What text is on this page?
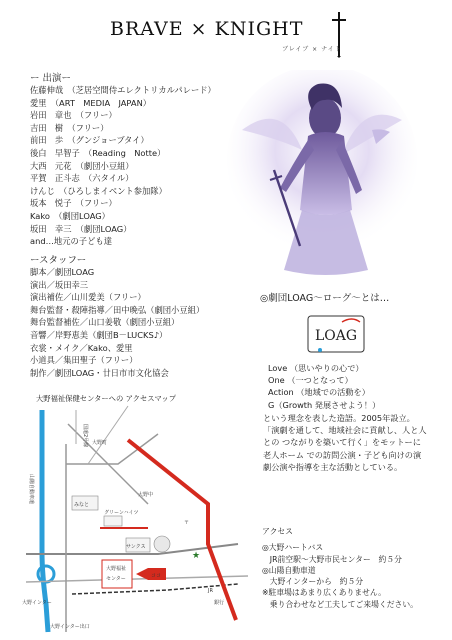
BRAVE × KNIGHT
ブレイブ × ナイト
ー 出演ー
佐藤伸哉　（芝居空間侍エレクトリカルパレード）
愛里　（ART　MEDIA　JAPAN）
岩田　章也　（フリー）
吉田　樹　（フリー）
前田　歩　（グンジョーブタイ）
後白　早智子　（Reading　Notte）
大西　元花　（劇団小豆組）
平賀　正斗志　（六タイル）
けんじ　（ひろしまイベント参加隊）
坂本　悦子　（フリー）
Kako　（劇団LOAG）
坂田　幸三　（劇団LOAG）
and…地元の子ども達
ースタッフー
脚本／劇団LOAG
演出／坂田幸三
演出補佐／山川愛美（フリー）
舞台監督・殺陣指導／田中晩弘（劇団小豆組）
舞台監督補佐／山口姜敬（劇団小豆組）
音響／岸野恵美（劇団B－LUCKS♪）
衣裳・メイク／Kako、愛里
小道具／集田聖子（フリー）
制作／劇団LOAG・廿日市市文化協会
◎劇団LOAG～ローグ～とは…
LOAG
Love （思いやりの心で）
One （一つとなって）
Action （地域での活動を）
G（Growth 発展させよう！）
という理念を表した造語。2005年設立。
「演劇を通して、地域社会に貢献し、人と人
との つながりを築いて行く」をモットーに
老人ホーム での訪問公演・子ども向けの演
劇公演や指導を主な活動としている。
大野福祉保健センターへの アクセスマップ
★
山陽自動車道
国道2号線
大野インター
大野インター出口
JR
大野福祉
センター	ココ
グリーンハイツ
サンクス
みなと
大野中
〒
大野町
銀行
アクセス
◎大野ハートバス
　JR前空駅～大野市民センター　約５分
◎山陽自動車道
　大野インターから　約５分
※駐車場はあまり広くありません。
　乗り合わせなど工夫してご来場ください。
